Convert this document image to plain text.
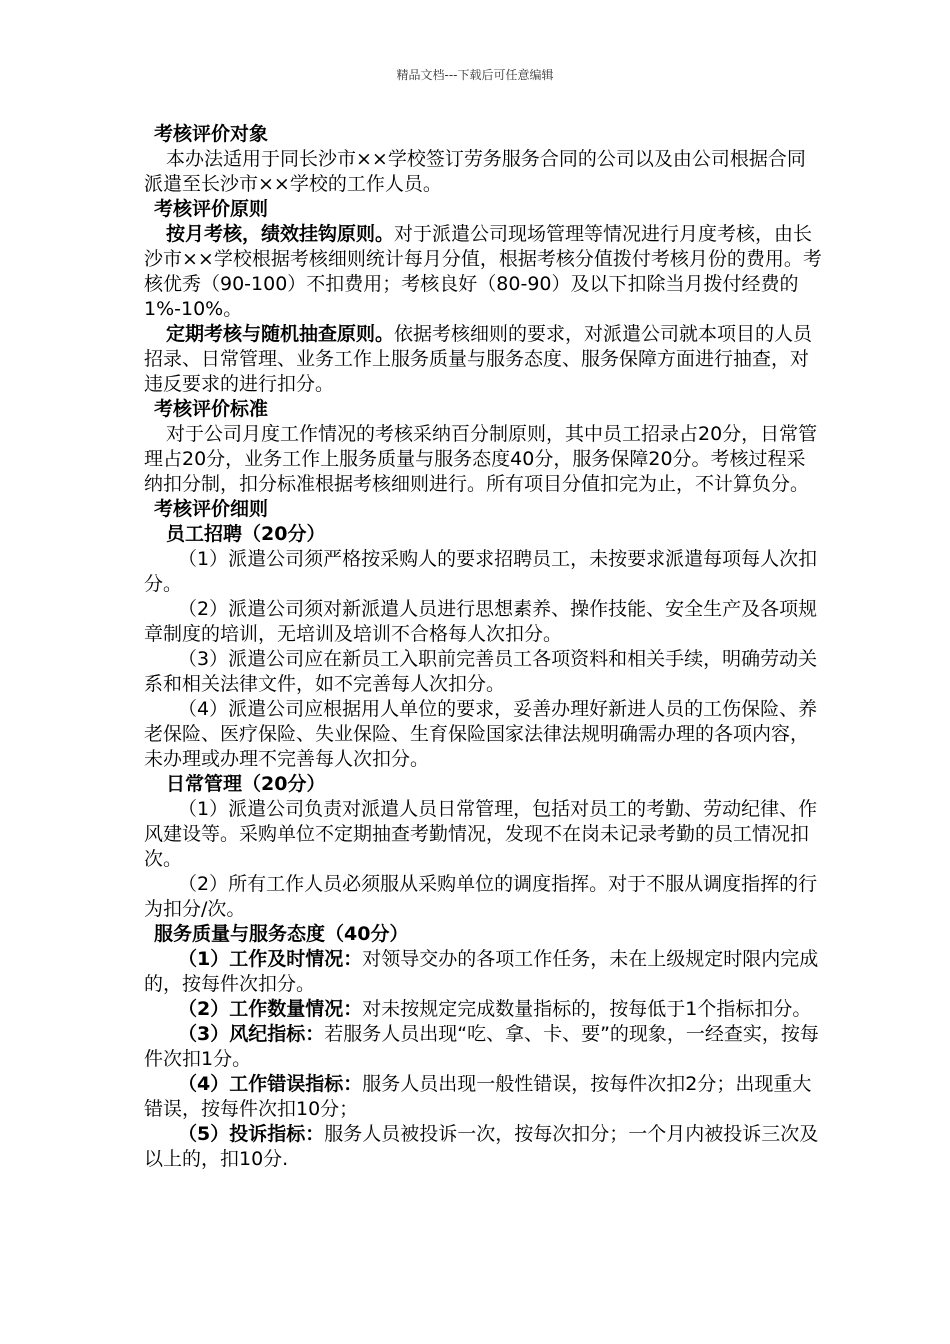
精品文档---下载后可任意编辑

考核评价对象

本办法适用于同长沙市××学校签订劳务服务合同的公司以及由公司根据合同派遣至长沙市××学校的工作人员。

考核评价原则

按月考核，绩效挂钩原则。对于派遣公司现场管理等情况进行月度考核，由长沙市××学校根据考核细则统计每月分值，根据考核分值拨付考核月份的费用。考核优秀（90-100）不扣费用；考核良好（80-90）及以下扣除当月拨付经费的1%-10%。

定期考核与随机抽查原则。依据考核细则的要求，对派遣公司就本项目的人员招录、日常管理、业务工作上服务质量与服务态度、服务保障方面进行抽查，对违反要求的进行扣分。

考核评价标准

对于公司月度工作情况的考核采纳百分制原则，其中员工招录占20分，日常管理占20分，业务工作上服务质量与服务态度40分，服务保障20分。考核过程采纳扣分制，扣分标准根据考核细则进行。所有项目分值扣完为止，不计算负分。

考核评价细则

员工招聘（20分）

（1）派遣公司须严格按采购人的要求招聘员工，未按要求派遣每项每人次扣分。

（2）派遣公司须对新派遣人员进行思想素养、操作技能、安全生产及各项规章制度的培训，无培训及培训不合格每人次扣分。

（3）派遣公司应在新员工入职前完善员工各项资料和相关手续，明确劳动关系和相关法律文件，如不完善每人次扣分。

（4）派遣公司应根据用人单位的要求，妥善办理好新进人员的工伤保险、养老保险、医疗保险、失业保险、生育保险国家法律法规明确需办理的各项内容，未办理或办理不完善每人次扣分。

日常管理（20分）

（1）派遣公司负责对派遣人员日常管理，包括对员工的考勤、劳动纪律、作风建设等。采购单位不定期抽查考勤情况，发现不在岗未记录考勤的员工情况扣次。

（2）所有工作人员必须服从采购单位的调度指挥。对于不服从调度指挥的行为扣分/次。

服务质量与服务态度（40分）

（1）工作及时情况：对领导交办的各项工作任务，未在上级规定时限内完成的，按每件次扣分。

（2）工作数量情况：对未按规定完成数量指标的，按每低于1个指标扣分。

（3）风纪指标：若服务人员出现“吃、拿、卡、要”的现象，一经查实，按每件次扣1分。

（4）工作错误指标：服务人员出现一般性错误，按每件次扣2分；出现重大错误，按每件次扣10分；

（5）投诉指标：服务人员被投诉一次，按每次扣分；一个月内被投诉三次及以上的，扣10分.
